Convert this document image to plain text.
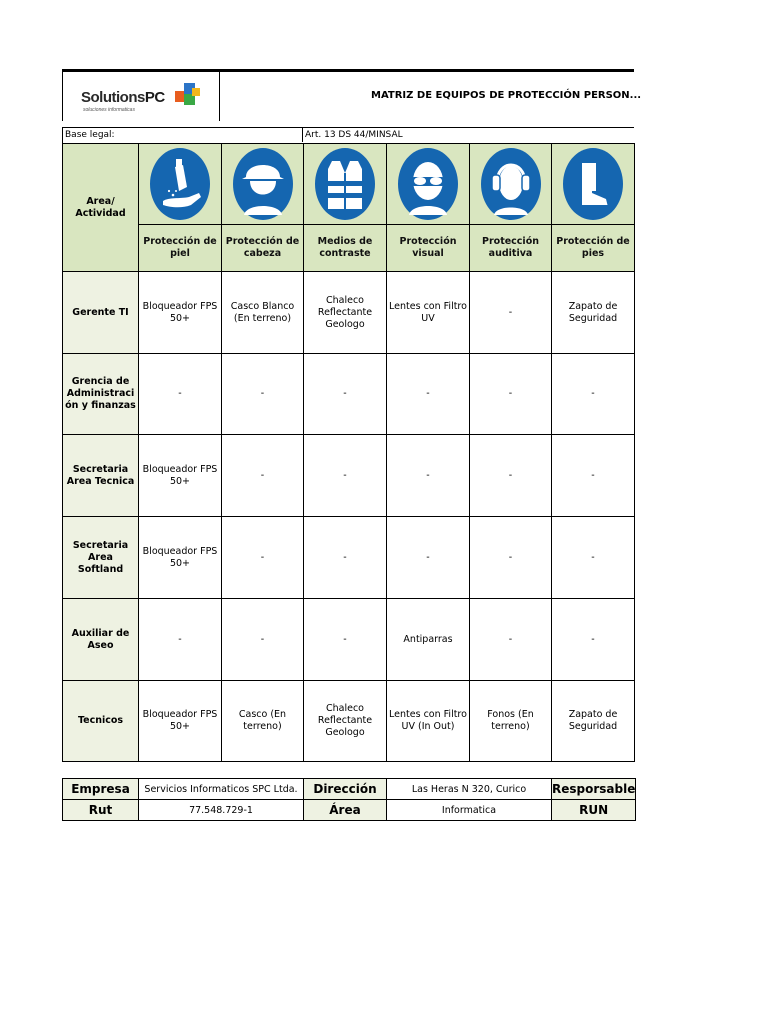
SolutionsPC
soluciones informaticas
MATRIZ DE EQUIPOS DE PROTECCIÓN PERSON...
Base legal:	Art. 13 DS 44/MINSAL
Area/ Actividad	

	Protección de piel	Protección de cabeza	Medios de contraste	Protección visual	Protección auditiva	Protección de pies
Gerente TI	Bloqueador FPS 50+	Casco Blanco (En terreno)	Chaleco Reflectante Geologo	Lentes con Filtro UV	-	Zapato de Seguridad
Grencia de Administraci ón y finanzas	-	-	-	-	-	-
Secretaria Area Tecnica	Bloqueador FPS 50+	-	-	-	-	-
Secretaria Area Softland	Bloqueador FPS 50+	-	-	-	-	-
Auxiliar de Aseo	-	-	-	Antiparras	-	-
Tecnicos	Bloqueador FPS 50+	Casco (En terreno)	Chaleco Reflectante Geologo	Lentes con Filtro UV (In Out)	Fonos (En terreno)	Zapato de Seguridad
Empresa	Servicios Informaticos SPC Ltda.	Dirección	Las Heras N 320, Curico	Resporsable
Rut	77.548.729-1	Área	Informatica	RUN
